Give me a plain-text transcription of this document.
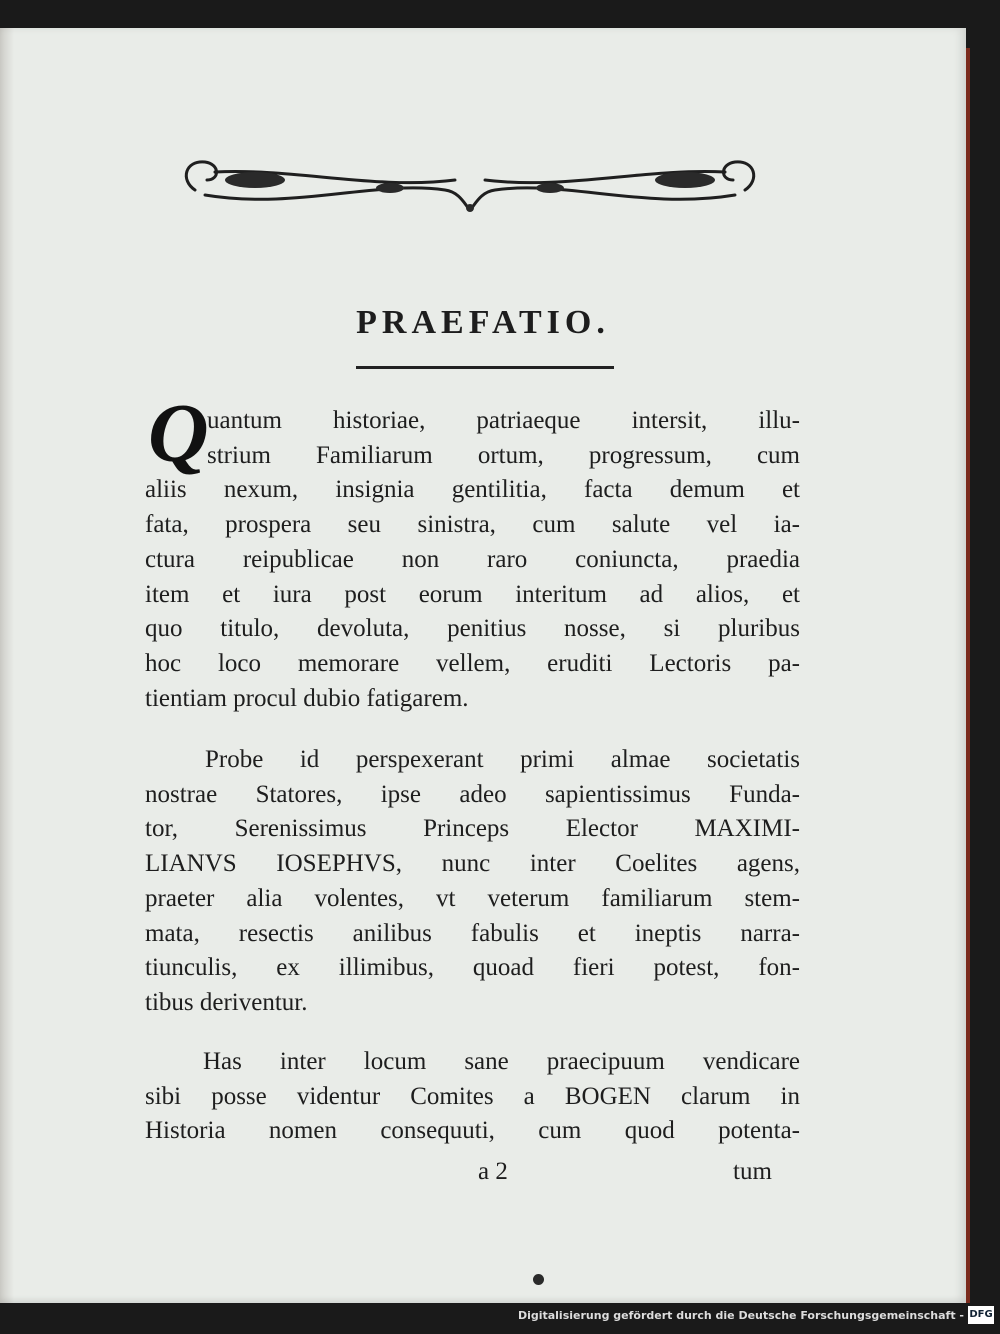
PRAEFATIO.
Q
uantum historiae, patriaeque intersit, illu-
strium Familiarum ortum, progressum, cum
aliis nexum, insignia gentilitia, facta demum et
fata, prospera seu sinistra, cum salute vel ia-
ctura reipublicae non raro coniuncta, praedia
item et iura post eorum interitum ad alios, et
quo titulo, devoluta, penitius nosse, si pluribus
hoc loco memorare vellem, eruditi Lectoris pa-
tientiam procul dubio fatigarem.
Probe id perspexerant primi almae societatis
nostrae Statores, ipse adeo sapientissimus Funda-
tor, Serenissimus Princeps Elector MAXIMI-
LIANVS IOSEPHVS, nunc inter Coelites agens,
praeter alia volentes, vt veterum familiarum stem-
mata, resectis anilibus fabulis et ineptis narra-
tiunculis, ex illimibus, quoad fieri potest, fon-
tibus deriventur.
Has inter locum sane praecipuum vendicare
sibi posse videntur Comites a BOGEN clarum in
Historia nomen consequuti, cum quod potenta-
a 2	tum
Digitalisierung gefördert durch die Deutsche Forschungsgemeinschaft - DFG
